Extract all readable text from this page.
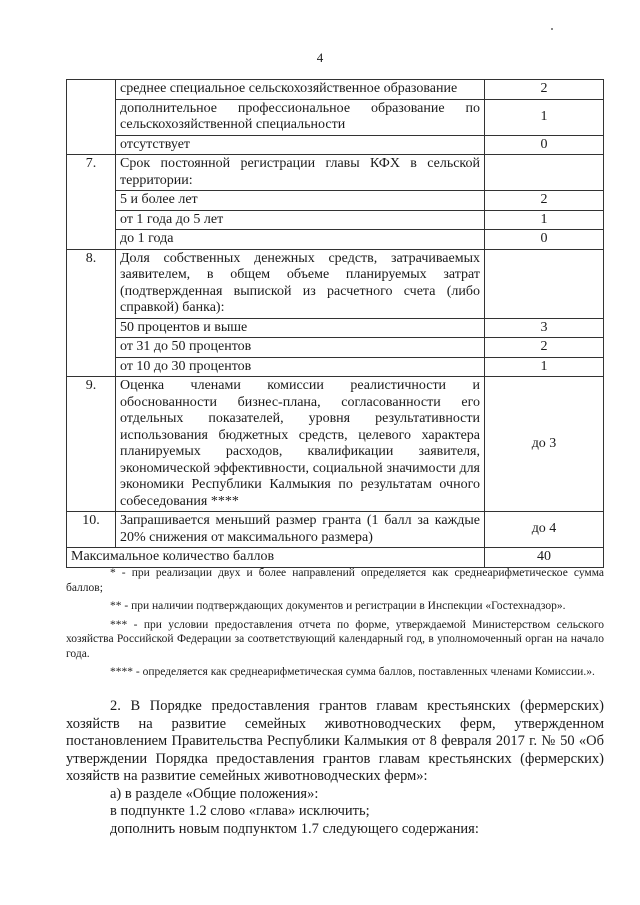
4
	среднее специальное сельскохозяйственное образование	2
	дополнительное профессиональное образование по сельскохозяйственной специальности	1
	отсутствует	0
7.	Срок постоянной регистрации главы КФХ в сельской территории:	
	5 и более лет	2
	от 1 года до 5 лет	1
	до 1 года	0
8.	Доля собственных денежных средств, затрачиваемых заявителем, в общем объеме планируемых затрат (подтвержденная выпиской из расчетного счета (либо справкой) банка):	
	50 процентов и выше	3
	от 31 до 50 процентов	2
	от 10 до 30 процентов	1
9.	Оценка членами комиссии реалистичности и обоснованности бизнес-плана, согласованности его отдельных показателей, уровня результативности использования бюджетных средств, целевого характера планируемых расходов, квалификации заявителя, экономической эффективности, социальной значимости для экономики Республики Калмыкия по результатам очного собеседования ****	до 3
10.	Запрашивается меньший размер гранта (1 балл за каждые 20% снижения от максимального размера)	до 4
Максимальное количество баллов		40

* - при реализации двух и более направлений определяется как среднеарифметическое сумма баллов;

** - при наличии подтверждающих документов и регистрации в Инспекции «Гостехнадзор».

*** - при условии предоставления отчета по форме, утверждаемой Министерством сельского хозяйства Российской Федерации за соответствующий календарный год, в уполномоченный орган на начало года.

**** - определяется как среднеарифметическая сумма баллов, поставленных членами Комиссии.».

2. В Порядке предоставления грантов главам крестьянских (фермерских) хозяйств на развитие семейных животноводческих ферм, утвержденном постановлением Правительства Республики Калмыкия от 8 февраля 2017 г. № 50 «Об утверждении Порядка предоставления грантов главам крестьянских (фермерских) хозяйств на развитие семейных животноводческих ферм»:

а) в разделе «Общие положения»:

в подпункте 1.2 слово «глава» исключить;

дополнить новым подпунктом 1.7 следующего содержания:
